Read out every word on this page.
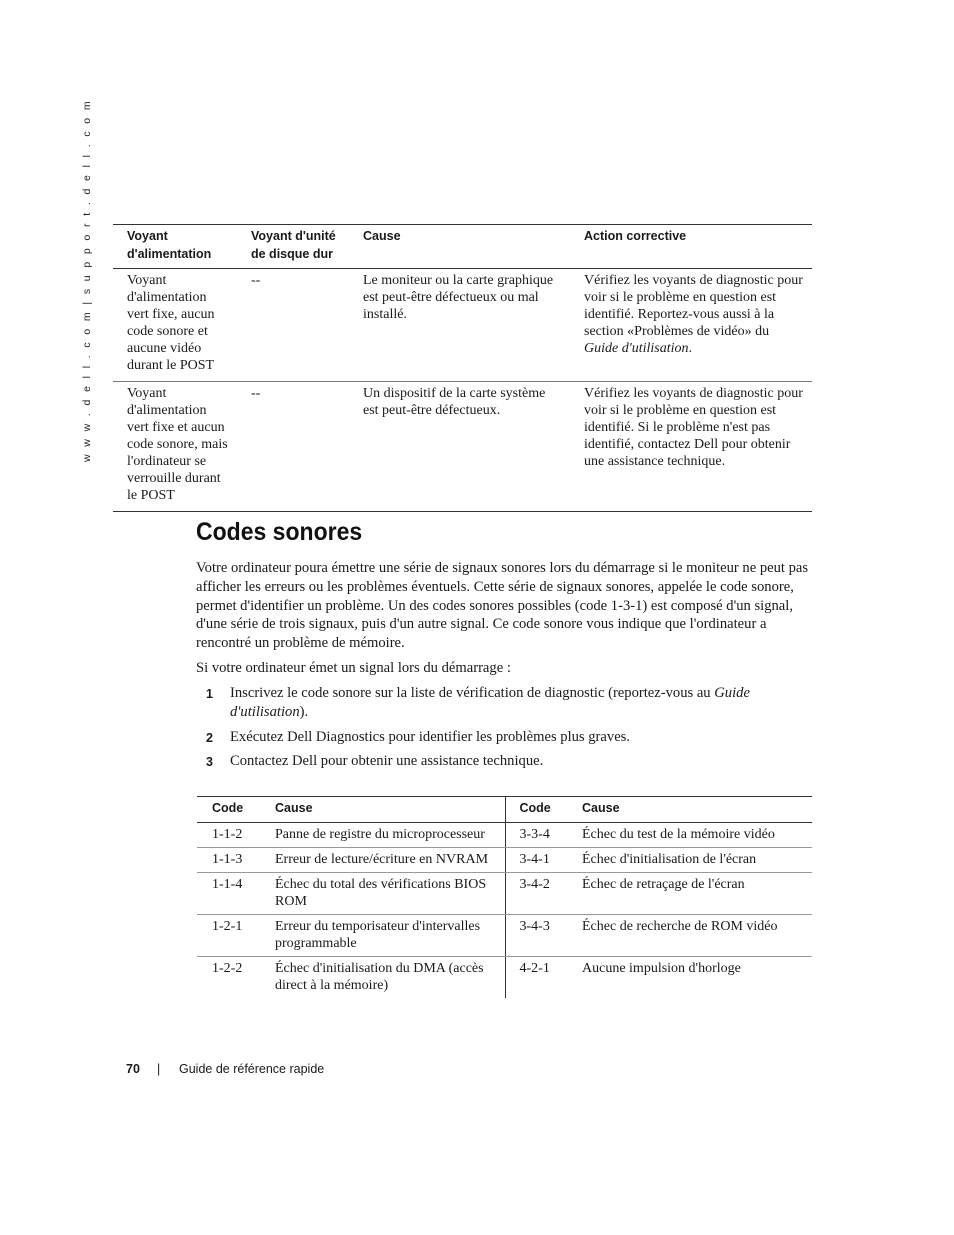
w w w . d e l l . c o m | s u p p o r t . d e l l . c o m	Voyant d'alimentation	Voyant d'unité de disque dur	Cause	Action corrective
Voyant d'alimentation vert fixe, aucun code sonore et aucune vidéo durant le POST	--	Le moniteur ou la carte graphique est peut-être défectueux ou mal installé.	Vérifiez les voyants de diagnostic pour voir si le problème en question est identifié. Reportez-vous aussi à la section «Problèmes de vidéo» du Guide d'utilisation.
Voyant d'alimentation vert fixe et aucun code sonore, mais l'ordinateur se verrouille durant le POST	--	Un dispositif de la carte système est peut-être défectueux.	Vérifiez les voyants de diagnostic pour voir si le problème en question est identifié. Si le problème n'est pas identifié, contactez Dell pour obtenir une assistance technique.
Codes sonores

Votre ordinateur poura émettre une série de signaux sonores lors du démarrage si le moniteur ne peut pas afficher les erreurs ou les problèmes éventuels. Cette série de signaux sonores, appelée le code sonore, permet d'identifier un problème. Un des codes sonores possibles (code 1-3-1) est composé d'un signal, d'une série de trois signaux, puis d'un autre signal. Ce code sonore vous indique que l'ordinateur a rencontré un problème de mémoire.

Si votre ordinateur émet un signal lors du démarrage :

1 Inscrivez le code sonore sur la liste de vérification de diagnostic (reportez-vous au Guide d'utilisation).
2 Exécutez Dell Diagnostics pour identifier les problèmes plus graves.
3 Contactez Dell pour obtenir une assistance technique.
Code	Cause	Code	Cause
1-1-2	Panne de registre du microprocesseur	3-3-4	Échec du test de la mémoire vidéo
1-1-3	Erreur de lecture/écriture en NVRAM	3-4-1	Échec d'initialisation de l'écran
1-1-4	Échec du total des vérifications BIOS ROM	3-4-2	Échec de retraçage de l'écran
1-2-1	Erreur du temporisateur d'intervalles programmable	3-4-3	Échec de recherche de ROM vidéo
1-2-2	Échec d'initialisation du DMA (accès direct à la mémoire)	4-2-1	Aucune impulsion d'horloge
70 | Guide de référence rapide
